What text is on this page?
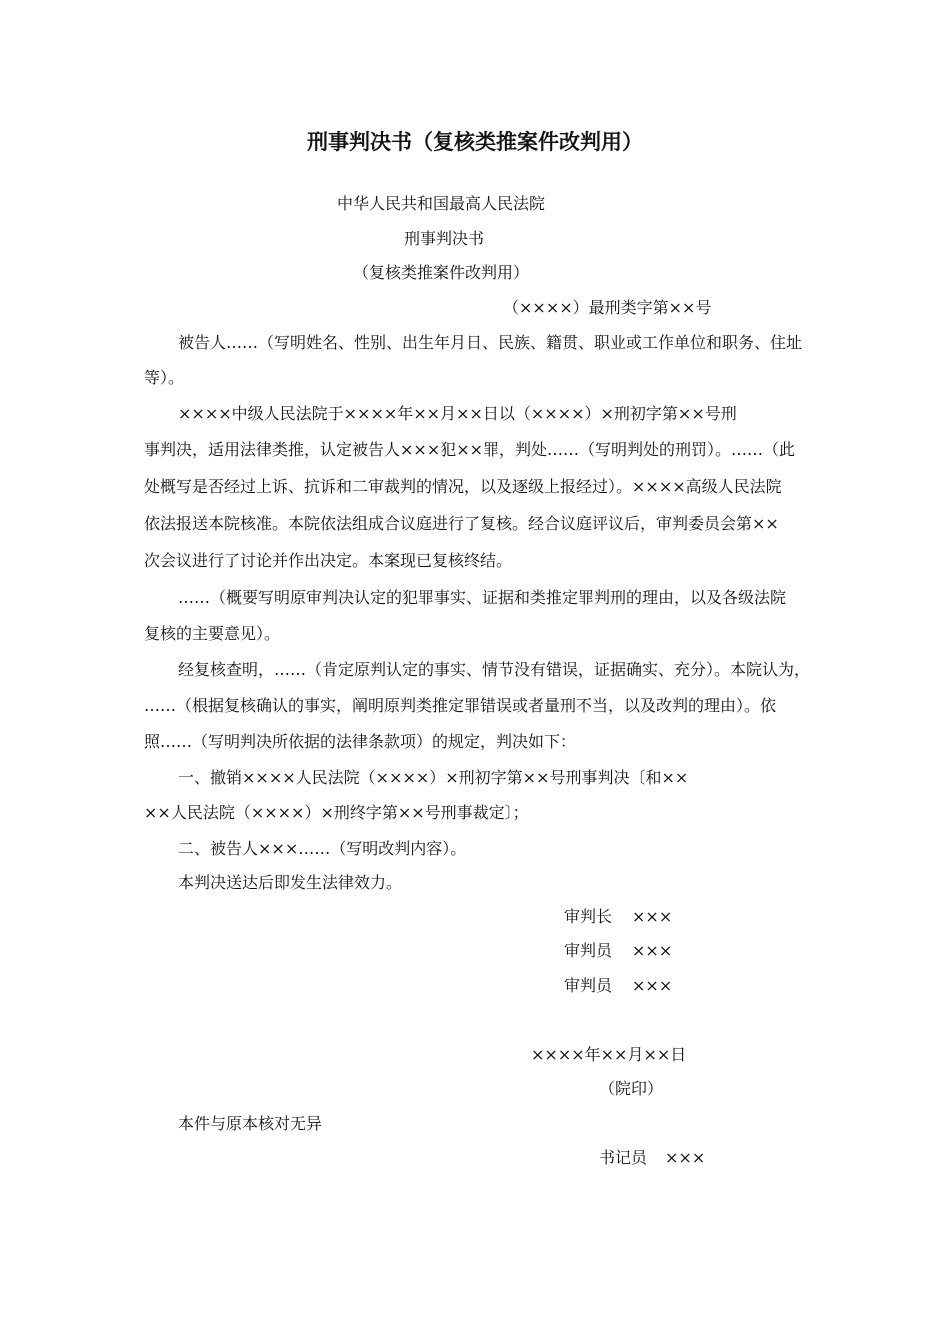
刑事判决书（复核类推案件改判用）
中华人民共和国最高人民法院
刑事判决书
（复核类推案件改判用）
（××××）最刑类字第××号
被告人……（写明姓名、性别、出生年月日、民族、籍贯、职业或工作单位和职务、住址
等）。
××××中级人民法院于××××年××月××日以（××××）×刑初字第××号刑
事判决，适用法律类推，认定被告人×××犯××罪，判处……（写明判处的刑罚）。……（此
处概写是否经过上诉、抗诉和二审裁判的情况，以及逐级上报经过）。××××高级人民法院
依法报送本院核准。本院依法组成合议庭进行了复核。经合议庭评议后，审判委员会第××
次会议进行了讨论并作出决定。本案现已复核终结。
……（概要写明原审判决认定的犯罪事实、证据和类推定罪判刑的理由，以及各级法院
复核的主要意见）。
经复核查明，……（肯定原判认定的事实、情节没有错误，证据确实、充分）。本院认为，
……（根据复核确认的事实，阐明原判类推定罪错误或者量刑不当，以及改判的理由）。依
照……（写明判决所依据的法律条款项）的规定，判决如下：
一、撤销××××人民法院（××××）×刑初字第××号刑事判决〔和××
××人民法院（××××）×刑终字第××号刑事裁定〕；
二、被告人×××……（写明改判内容）。
本判决送达后即发生法律效力。
审判长 ×××
审判员 ×××
审判员 ×××
××××年××月××日
（院印）
本件与原本核对无异
书记员 ×××
